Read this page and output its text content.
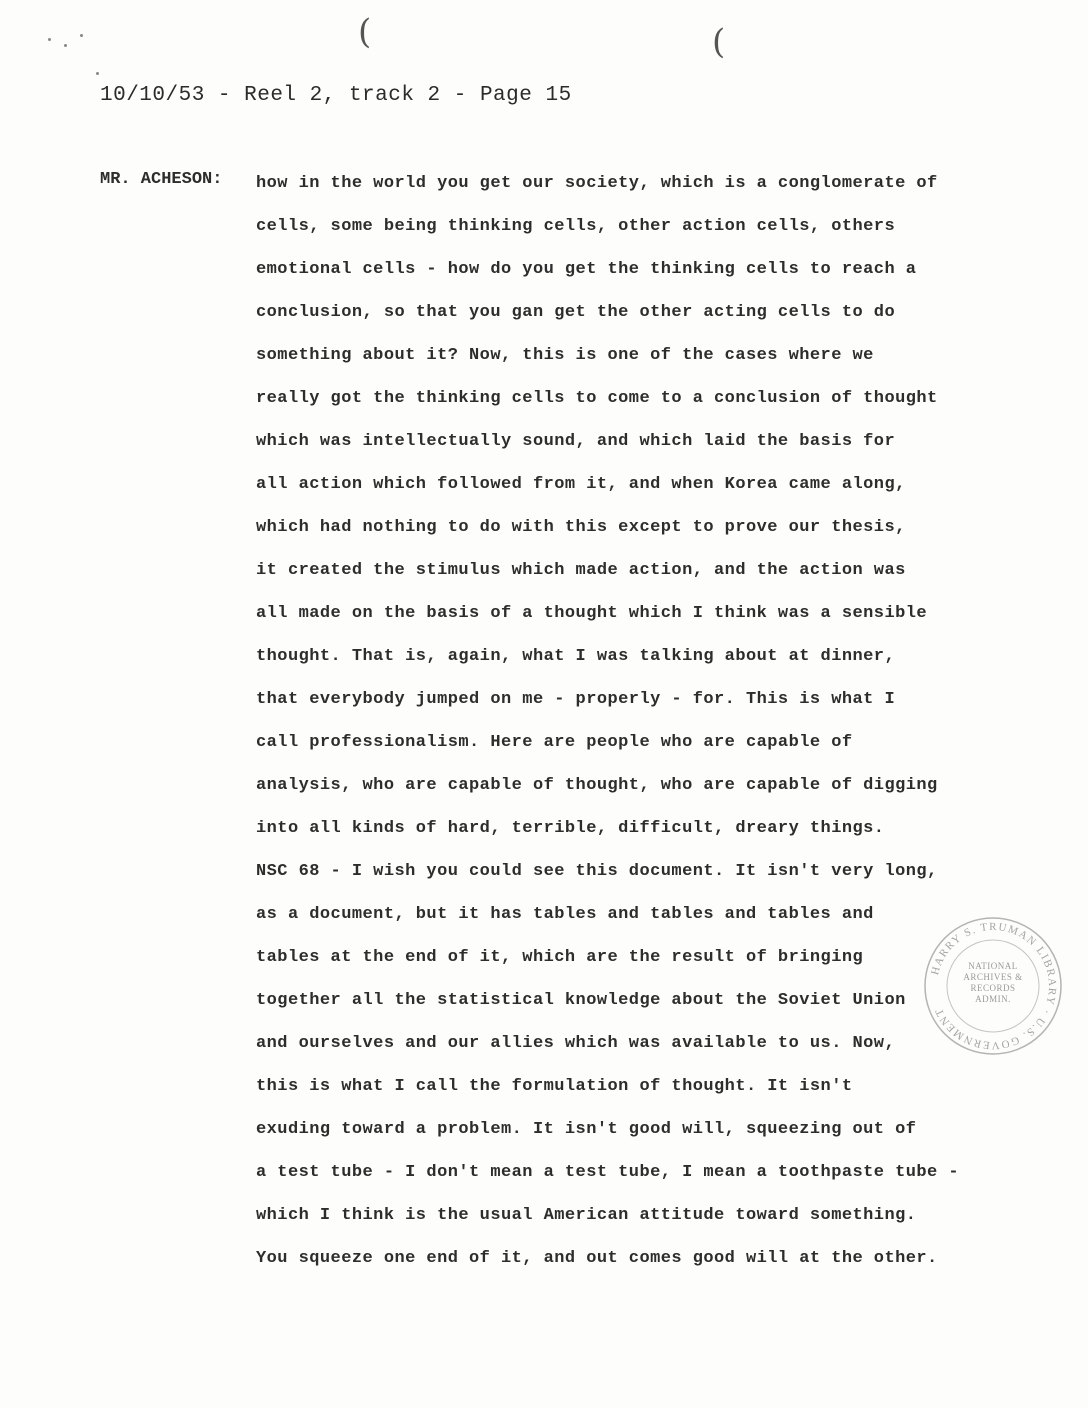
(	(
10/10/53 - Reel 2, track 2 - Page 15
MR. ACHESON: how in the world you get our society, which is a conglomerate of
cells, some being thinking cells, other action cells, others
emotional cells - how do you get the thinking cells to reach a
conclusion, so that you gan get the other acting cells to do
something about it? Now, this is one of the cases where we
really got the thinking cells to come to a conclusion of thought
which was intellectually sound, and which laid the basis for
all action which followed from it, and when Korea came along,
which had nothing to do with this except to prove our thesis,
it created the stimulus which made action, and the action was
all made on the basis of a thought which I think was a sensible
thought. That is, again, what I was talking about at dinner,
that everybody jumped on me - properly - for. This is what I
call professionalism. Here are people who are capable of
analysis, who are capable of thought, who are capable of digging
into all kinds of hard, terrible, difficult, dreary things.
NSC 68 - I wish you could see this document. It isn't very long,
as a document, but it has tables and tables and tables and
tables at the end of it, which are the result of bringing
together all the statistical knowledge about the Soviet Union
and ourselves and our allies which was available to us. Now,
this is what I call the formulation of thought. It isn't
exuding toward a problem. It isn't good will, squeezing out of
a test tube - I don't mean a test tube, I mean a toothpaste tube -
which I think is the usual American attitude toward something.
You squeeze one end of it, and out comes good will at the other.
HARRY S. TRUMAN LIBRARY · U.S. GOVERNMENT
NATIONAL
ARCHIVES &
RECORDS
ADMIN.
